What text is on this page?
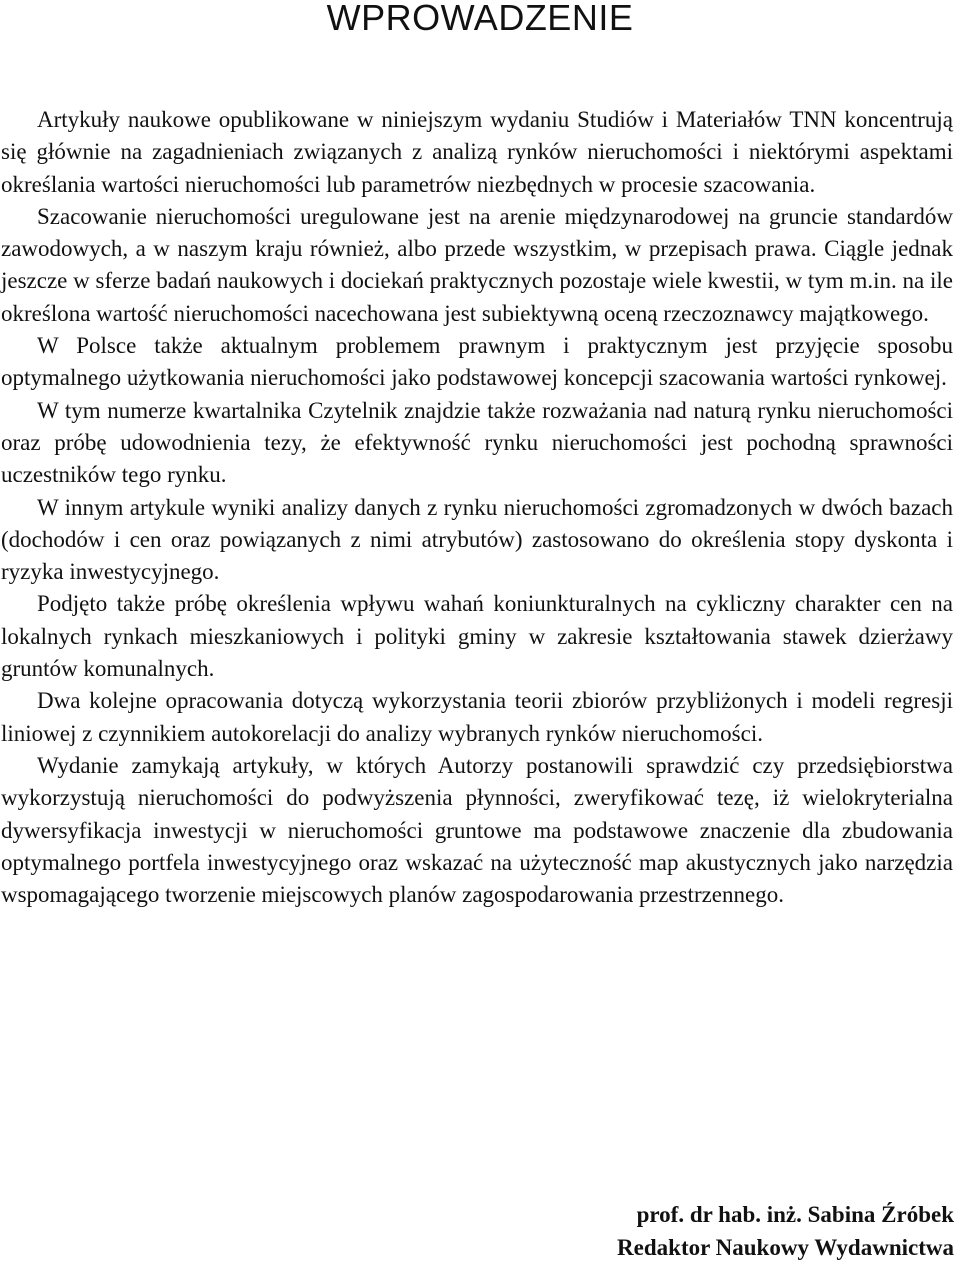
WPROWADZENIE

Artykuły naukowe opublikowane w niniejszym wydaniu Studiów i Materiałów TNN koncentrują się głównie na zagadnieniach związanych z analizą rynków nieruchomości i niektórymi aspektami określania wartości nieruchomości lub parametrów niezbędnych w procesie szacowania.

Szacowanie nieruchomości uregulowane jest na arenie międzynarodowej na gruncie standardów zawodowych, a w naszym kraju również, albo przede wszystkim, w przepisach prawa. Ciągle jednak jeszcze w sferze badań naukowych i dociekań praktycznych pozostaje wiele kwestii, w tym m.in. na ile określona wartość nieruchomości nacechowana jest subiektywną oceną rzeczoznawcy majątkowego.

W Polsce także aktualnym problemem prawnym i praktycznym jest przyjęcie sposobu optymalnego użytkowania nieruchomości jako podstawowej koncepcji szacowania wartości rynkowej.

W tym numerze kwartalnika Czytelnik znajdzie także rozważania nad naturą rynku nieruchomości oraz próbę udowodnienia tezy, że efektywność rynku nieruchomości jest pochodną sprawności uczestników tego rynku.

W innym artykule wyniki analizy danych z rynku nieruchomości zgromadzonych w dwóch bazach (dochodów i cen oraz powiązanych z nimi atrybutów) zastosowano do określenia stopy dyskonta i ryzyka inwestycyjnego.

Podjęto także próbę określenia wpływu wahań koniunkturalnych na cykliczny charakter cen na lokalnych rynkach mieszkaniowych i polityki gminy w zakresie kształtowania stawek dzierżawy gruntów komunalnych.

Dwa kolejne opracowania dotyczą wykorzystania teorii zbiorów przybliżonych i modeli regresji liniowej z czynnikiem autokorelacji do analizy wybranych rynków nieruchomości.

Wydanie zamykają artykuły, w których Autorzy postanowili sprawdzić czy przedsiębiorstwa wykorzystują nieruchomości do podwyższenia płynności, zweryfikować tezę, iż wielokryterialna dywersyfikacja inwestycji w nieruchomości gruntowe ma podstawowe znaczenie dla zbudowania optymalnego portfela inwestycyjnego oraz wskazać na użyteczność map akustycznych jako narzędzia wspomagającego tworzenie miejscowych planów zagospodarowania przestrzennego.

prof. dr hab. inż. Sabina Źróbek

Redaktor Naukowy Wydawnictwa
